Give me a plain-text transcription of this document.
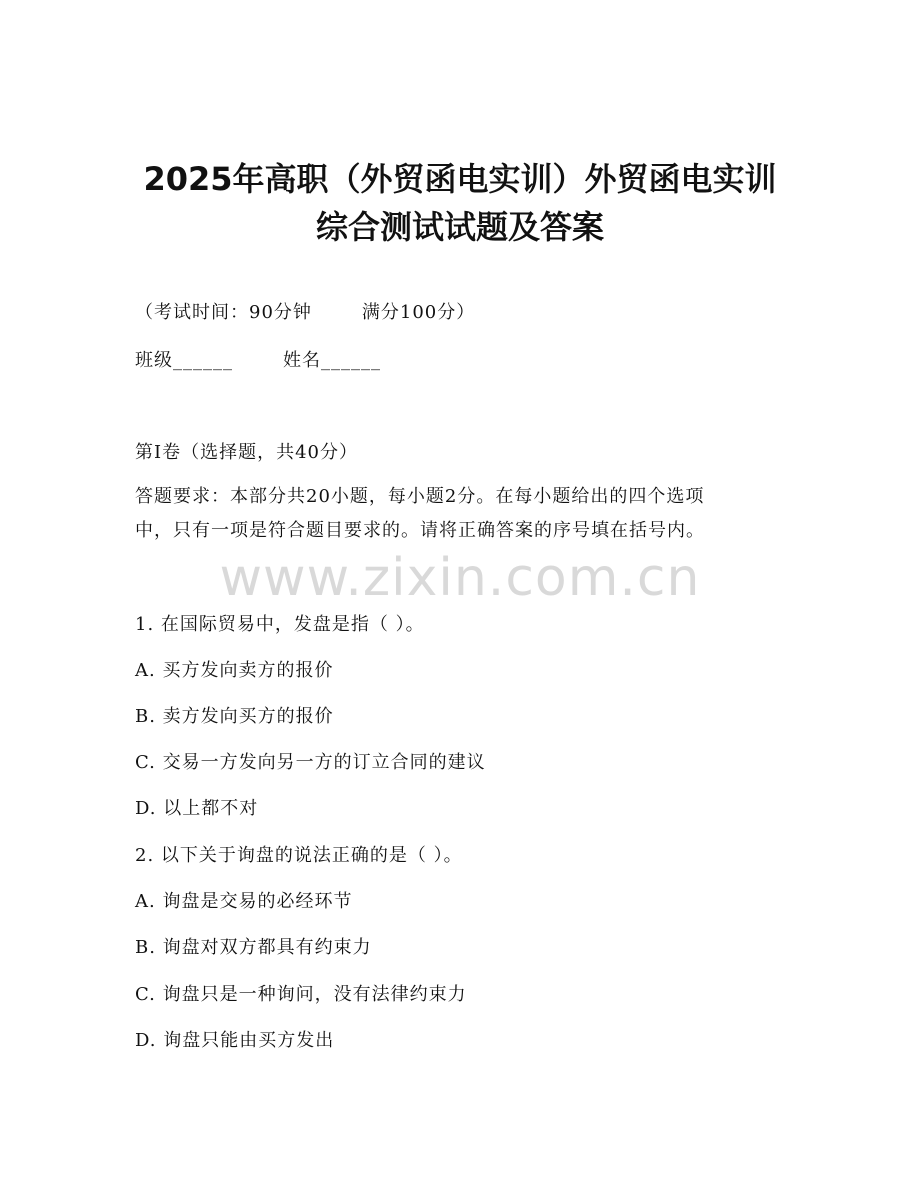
2025年高职（外贸函电实训）外贸函电实训
综合测试试题及答案
（考试时间：90分钟	满分100分）
班级______	姓名______
第Ⅰ卷（选择题，共40分）
答题要求：本部分共20小题，每小题2分。在每小题给出的四个选项
中，只有一项是符合题目要求的。请将正确答案的序号填在括号内。
www.zixin.com.cn
1. 在国际贸易中，发盘是指（ ）。
A. 买方发向卖方的报价
B. 卖方发向买方的报价
C. 交易一方发向另一方的订立合同的建议
D. 以上都不对
2. 以下关于询盘的说法正确的是（ ）。
A. 询盘是交易的必经环节
B. 询盘对双方都具有约束力
C. 询盘只是一种询问，没有法律约束力
D. 询盘只能由买方发出
